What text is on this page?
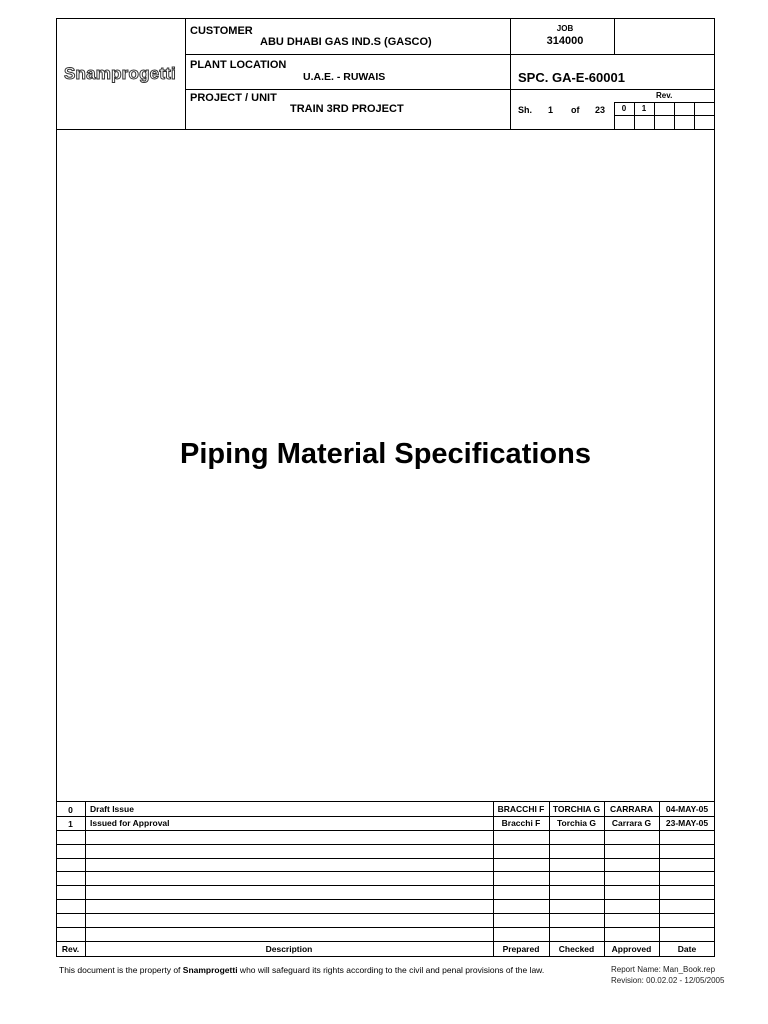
Snamprogetti
CUSTOMER
ABU DHABI GAS IND.S (GASCO)
PLANT LOCATION
U.A.E. - RUWAIS
PROJECT / UNIT
TRAIN 3RD PROJECT
JOB
314000
SPC. GA-E-60001
Rev.
Sh. 1 of 23	0	1
Piping Material Specifications
0	Draft Issue	BRACCHI F	TORCHIA G	CARRARA	04-MAY-05
1	Issued for Approval	Bracchi F	Torchia G	Carrara G	23-MAY-05
Rev.	Description	Prepared	Checked	Approved	Date
This document is the property of Snamprogetti who will safeguard its rights according to the civil and penal provisions of the law.	Report Name: Man_Book.rep
Revision: 00.02.02 - 12/05/2005
